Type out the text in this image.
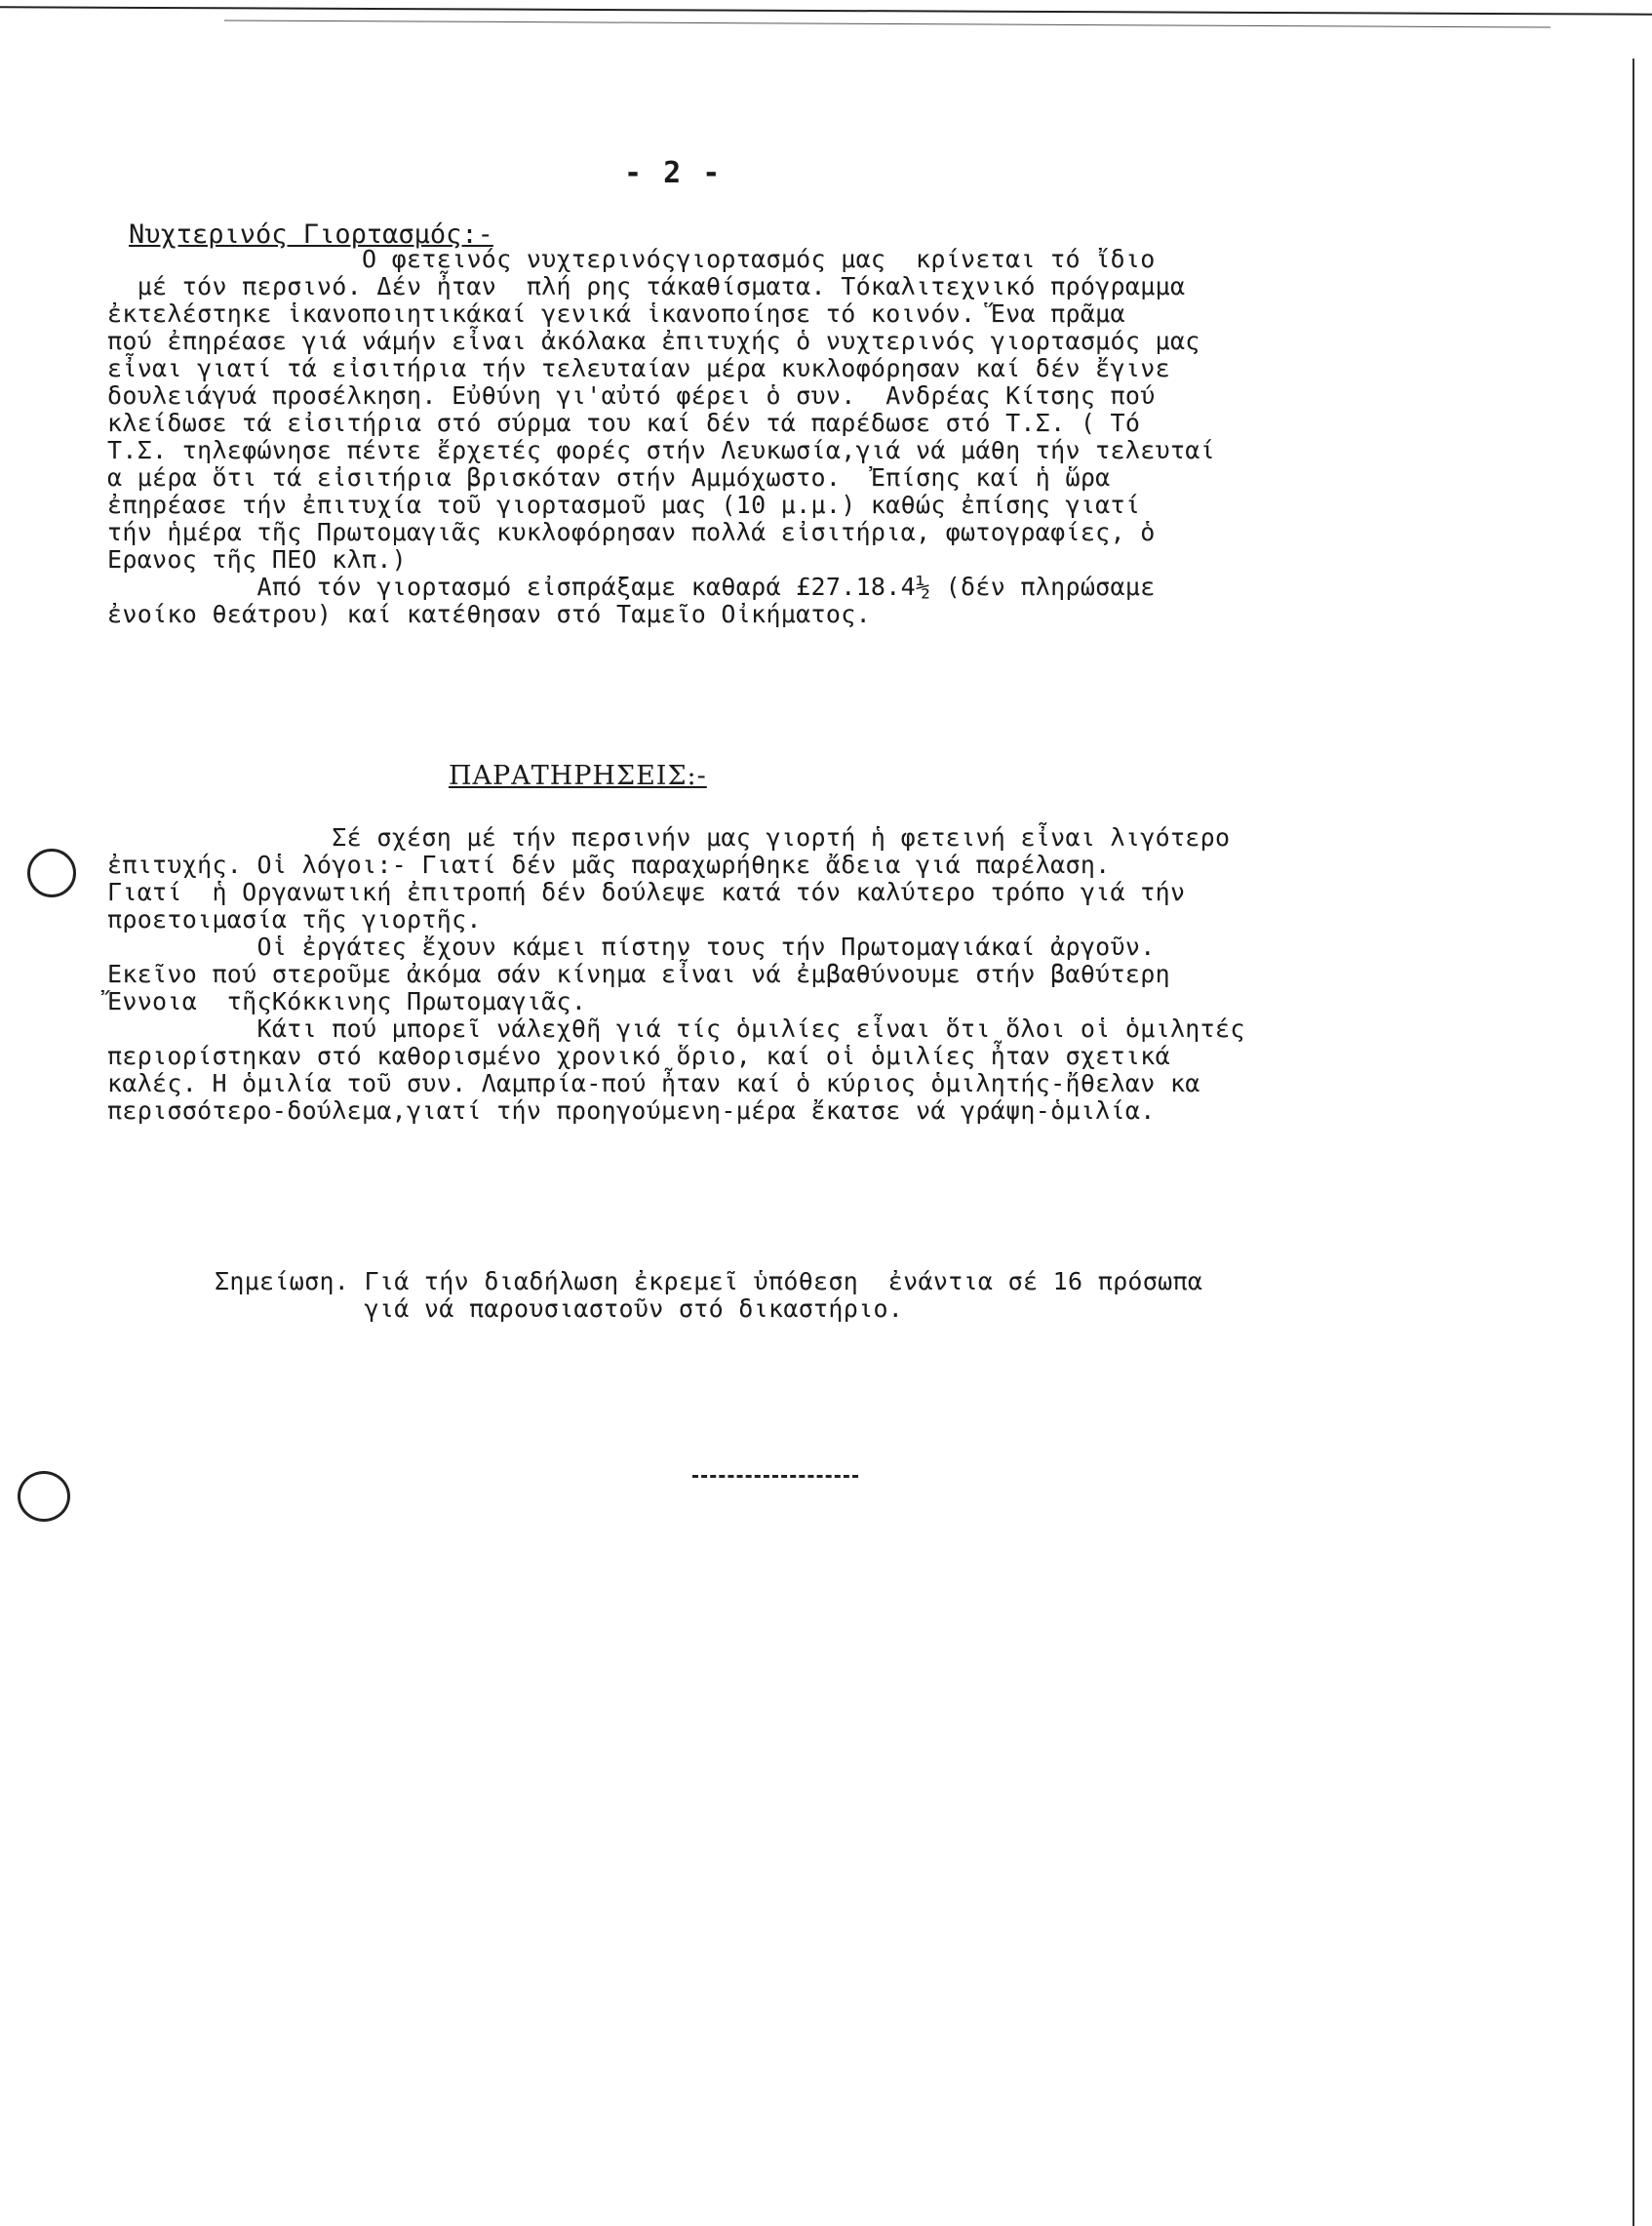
- 2 -
Νυχτερινός Γιορτασμός:-
Ο φετεινός νυχτερινόςγιορτασμός μας  κρίνεται τό ἴδιο
μέ τόν περσινό. Δέν ἦταν  πλή ρης τάκαθίσματα. Τόκαλιτεχνικό πρόγραμμα
ἐκτελέστηκε ἱκανοποιητικάκαί γενικά ἱκανοποίησε τό κοινόν. Ἕνα πρᾶμα
πού ἐπηρέασε γιά νάμήν εἶναι ἀκόλακα ἐπιτυχής ὁ νυχτερινός γιορτασμός μας
εἶναι γιατί τά εἰσιτήρια τήν τελευταίαν μέρα κυκλοφόρησαν καί δέν ἔγινε
δουλειάγυά προσέλκηση. Εὐθύνη γι'αὐτό φέρει ὁ συν.  Ανδρέας Κίτσης πού
κλείδωσε τά εἰσιτήρια στό σύρμα του καί δέν τά παρέδωσε στό Τ.Σ. ( Τό
Τ.Σ. τηλεφώνησε πέντε ἔρχετές φορές στήν Λευκωσία,γιά νά μάθη τήν τελευταί
α μέρα ὅτι τά εἰσιτήρια βρισκόταν στήν Αμμόχωστο.  Ἐπίσης καί ἡ ὥρα
ἐπηρέασε τήν ἐπιτυχία τοῦ γιορτασμοῦ μας (10 μ.μ.) καθώς ἐπίσης γιατί
τήν ἡμέρα τῆς Πρωτομαγιᾶς κυκλοφόρησαν πολλά εἰσιτήρια, φωτογραφίες, ὁ
Ερανος τῆς ΠΕΟ κλπ.)
Από τόν γιορτασμό εἰσπράξαμε καθαρά £27.18.4½ (δέν πληρώσαμε
ἐνοίκο θεάτρου) καί κατέθησαν στό Ταμεῖο Οἰκήματος.
ΠΑΡΑΤΗΡΗΣΕΙΣ:-
Σέ σχέση μέ τήν περσινήν μας γιορτή ἡ φετεινή εἶναι λιγότερο
ἐπιτυχής. Οἱ λόγοι:- Γιατί δέν μᾶς παραχωρήθηκε ἄδεια γιά παρέλαση.
Γιατί  ἡ Οργανωτική ἐπιτροπή δέν δούλεψε κατά τόν καλύτερο τρόπο γιά τήν
προετοιμασία τῆς γιορτῆς.
Οἱ ἐργάτες ἔχουν κάμει πίστην τους τήν Πρωτομαγιάκαί ἀργοῦν.
Εκεῖνο πού στεροῦμε ἀκόμα σάν κίνημα εἶναι νά ἐμβαθύνουμε στήν βαθύτερη
Ἔννοια  τῆςΚόκκινης Πρωτομαγιᾶς.
Κάτι πού μπορεῖ νάλεχθῆ γιά τίς ὁμιλίες εἶναι ὅτι ὅλοι οἱ ὁμιλητές
περιορίστηκαν στό καθορισμένο χρονικό ὅριο, καί οἱ ὁμιλίες ἦταν σχετικά
καλές. Η ὁμιλία τοῦ συν. Λαμπρία-πού ἦταν καί ὁ κύριος ὁμιλητής-ἤθελαν κα
περισσότερο-δούλεμα,γιατί τήν προηγούμενη-μέρα ἔκατσε νά γράψη-ὁμιλία.
Σημείωση. Γιά τήν διαδήλωση ἐκρεμεῖ ὑπόθεση  ἐνάντια σέ 16 πρόσωπα
γιά νά παρουσιαστοῦν στό δικαστήριο.
